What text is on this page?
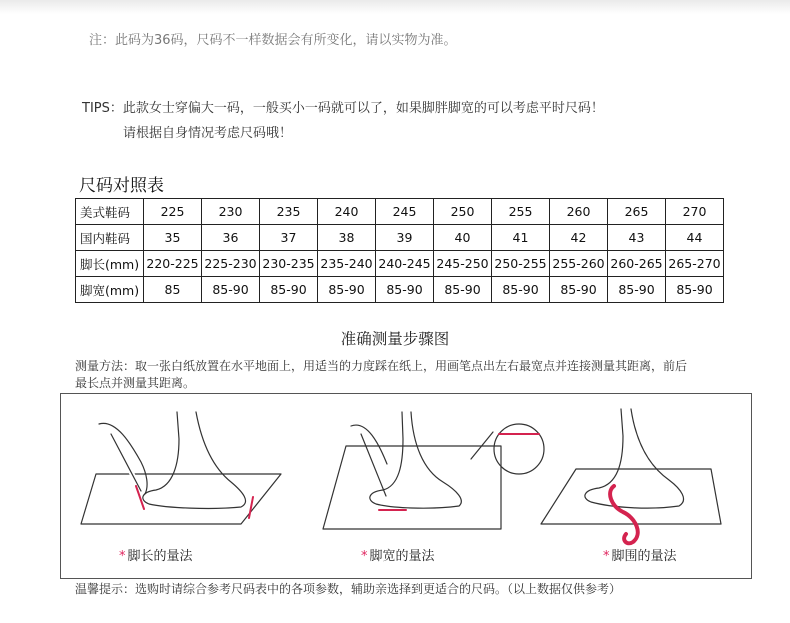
注：此码为36码，尺码不一样数据会有所变化，请以实物为准。
TIPS：此款女士穿偏大一码，一般买小一码就可以了，如果脚胖脚宽的可以考虑平时尺码！
请根据自身情况考虑尺码哦！
尺码对照表
美式鞋码	225	230	235	240	245	250	255	260	265	270
国内鞋码	35	36	37	38	39	40	41	42	43	44
脚长(mm)	220-225	225-230	230-235	235-240	240-245	245-250	250-255	255-260	260-265	265-270
脚宽(mm)	85	85-90	85-90	85-90	85-90	85-90	85-90	85-90	85-90	85-90
准确测量步骤图
测量方法：取一张白纸放置在水平地面上，用适当的力度踩在纸上，用画笔点出左右最宽点并连接测量其距离，前后
最长点并测量其距离。
* 脚长的量法	* 脚宽的量法	* 脚围的量法
温馨提示：选购时请综合参考尺码表中的各项参数，辅助亲选择到更适合的尺码。（以上数据仅供参考）
